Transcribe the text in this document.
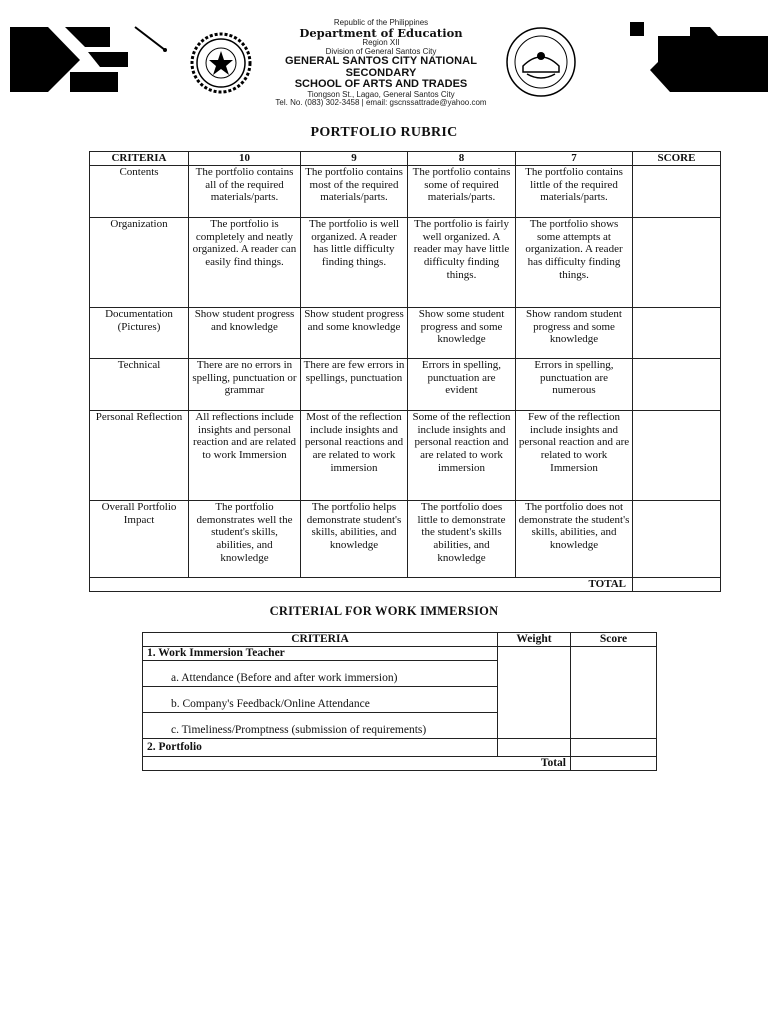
Republic of the Philippines
Department of Education
Region XII
Division of General Santos City
GENERAL SANTOS CITY NATIONAL SECONDARY
SCHOOL OF ARTS AND TRADES
Tiongson St., Lagao, General Santos City
Tel. No. (083) 302-3458 | email: gscnssattrade@yahoo.com
PORTFOLIO RUBRIC
CRITERIA	10	9	8	7	SCORE
Contents	The portfolio contains all of the required materials/parts.	The portfolio contains most of the required materials/parts.	The portfolio contains some of required materials/parts.	The portfolio contains little of the required materials/parts.	
Organization	The portfolio is completely and neatly organized. A reader can easily find things.	The portfolio is well organized. A reader has little difficulty finding things.	The portfolio is fairly well organized. A reader may have little difficulty finding things.	The portfolio shows some attempts at organization. A reader has difficulty finding things.	
Documentation (Pictures)	Show student progress and knowledge	Show student progress and some knowledge	Show some student progress and some knowledge	Show random student progress and some knowledge	
Technical	There are no errors in spelling, punctuation or grammar	There are few errors in spellings, punctuation	Errors in spelling, punctuation are evident	Errors in spelling, punctuation are numerous	
Personal Reflection	All reflections include insights and personal reaction and are related to work Immersion	Most of the reflection include insights and personal reactions and are related to work immersion	Some of the reflection include insights and personal reaction and are related to work immersion	Few of the reflection include insights and personal reaction and are related to work Immersion	
Overall Portfolio Impact	The portfolio demonstrates well the student's skills, abilities, and knowledge	The portfolio helps demonstrate student's skills, abilities, and knowledge	The portfolio does little to demonstrate the student's skills abilities, and knowledge	The portfolio does not demonstrate the student's skills, abilities, and knowledge	
TOTAL					
CRITERIAL FOR WORK IMMERSION
CRITERIA	Weight	Score
1. Work Immersion Teacher		
a. Attendance (Before and after work immersion)		
b. Company's Feedback/Online Attendance		
c. Timeliness/Promptness (submission of requirements)		
2. Portfolio		
Total		
